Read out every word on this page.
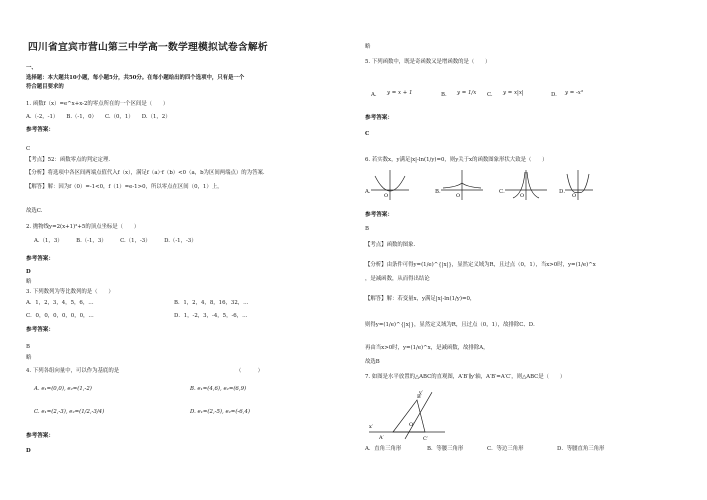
四川省宜宾市营山第三中学高一数学理模拟试卷含解析
一、
选择题：本大题共10小题，每小题5分，共50分。在每小题给出的四个选项中，只有是一个
符合题目要求的
1. 函数f（x）=e^x+x-2的零点所在的一个区间是（　　）
A.（-2，-1）　　B.（-1，0）　　C.（0，1）　　D.（1，2）
参考答案：
C
【考点】52：函数零点的判定定理.
【分析】将选项中各区间两端点值代入f（x），满足f（a）·f（b）<0（a，b为区间两端点）的为答案.
【解答】解：因为f（0）=-1<0，f（1）=e-1>0，所以零点在区间（0，1）上，
故选C.
2. 抛物线y=2(x+1)²+5的顶点坐标是（　　）
A.（1，3）　　　B.（-1，3）　　　C.（1，-3）　　　D.（-1，-3）
参考答案：
D
略
3. 下列数列为等比数列的是（　　）
A．1，2，3，4，5，6，…	B．1，2，4，8，16，32，…
C．0，0，0，0，0，0，…	D．1，-2，3，-4，5，-6，…
参考答案：
B
略
4. 下列各组向量中，可以作为基底的是	（　　　）
A. e₁=(0,0), e₂=(1,-2)	B. e₁=(4,6), e₂=(6,9)
C. e₁=(2,-3), e₂=(1/2,-3/4)	D. e₁=(2,-5), e₂=(-6,4)
参考答案：
D
略
5. 下列函数中，既是奇函数又是增函数的是（　　）
A. y = x + 1	B. y = 1/x C. y = x|x|	D. y = -x³
参考答案：
C
6. 若实数x，y满足|x|-ln(1/y)=0，则y关于x的函数图象形状大致是（　　）
O	O	O	O
A．	B．	C．	D．
参考答案：
B
【考点】函数的图象.
【分析】由条件可得y=(1/e)^{|x|}，显然定义域为R，且过点（0，1），当x>0时，y=(1/e)^x
，是减函数，从而得出结论
【解答】解：若变量x，y满足|x|-ln(1/y)=0，
则得y=(1/e)^{|x|}，显然定义域为R，且过点（0，1），故排除C、D．
再由当x>0时，y=(1/e)^x，是减函数，故排除A，
故选B
7. 如图是水平放置的△ABC的直观图，A′B′∥y′轴，A′B′=A′C′，则△ABC是（　　）
y′
B′
A′	C′
x′	O′
A．直角三角形	B．等腰三角形	C．等边三角形	D．等腰直角三角形
